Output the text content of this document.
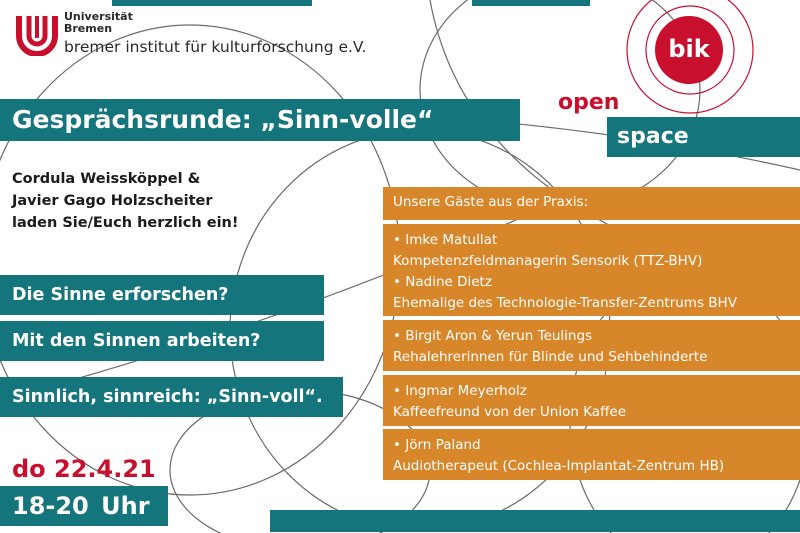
Universität
Bremen
bremer institut für kulturforschung e.V.	bik
open
space
Gesprächsrunde: „Sinn-volle“ Praxis
Cordula Weissköppel &
Javier Gago Holzscheiter
laden Sie/Euch herzlich ein!
Die Sinne erforschen?
Mit den Sinnen arbeiten?
Sinnlich, sinnreich: „Sinn-voll“.
do 22.4.21
18-20 Uhr
Unsere Gäste aus der Praxis:
• Imke Matullat
Kompetenzfeldmanagerin Sensorik (TTZ-BHV)
• Nadine Dietz
Ehemalige des Technologie-Transfer-Zentrums BHV
• Birgit Aron & Yerun Teulings
Rehalehrerinnen für Blinde und Sehbehinderte
• Ingmar Meyerholz
Kaffeefreund von der Union Kaffee
• Jörn Paland
Audiotherapeut (Cochlea-Implantat-Zentrum HB)
